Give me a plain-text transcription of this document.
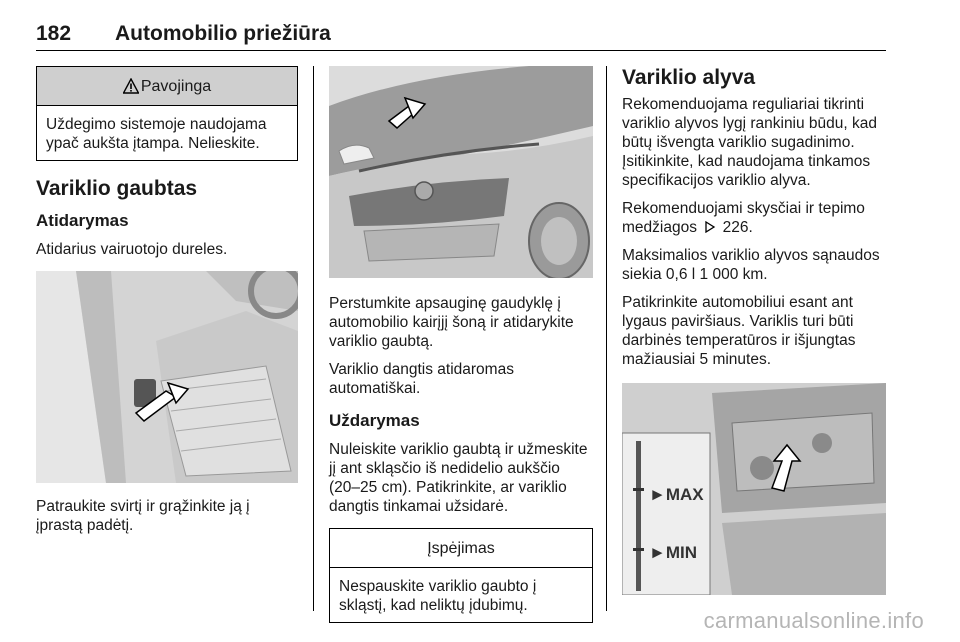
182 Automobilio priežiūra
Pavojinga
Uždegimo sistemoje naudojama ypač aukšta įtampa. Nelieskite.
Variklio gaubtas
Atidarymas

Atidarius vairuotojo dureles.

Patraukite svirtį ir grąžinkite ją į įprastą padėtį.

Perstumkite apsauginę gaudyklę į automobilio kairįjį šoną ir atidarykite variklio gaubtą.

Variklio dangtis atidaromas automatiškai.

Uždarymas

Nuleiskite variklio gaubtą ir užmeskite jį ant skląsčio iš nedidelio aukščio (20–25 cm). Patikrinkite, ar variklio dangtis tinkamai užsidarė.

Įspėjimas
Nespauskite variklio gaubto į skląstį, kad neliktų įdubimų.
Variklio alyva

Rekomenduojama reguliariai tikrinti variklio alyvos lygį rankiniu būdu, kad būtų išvengta variklio sugadinimo. Įsitikinkite, kad naudojama tinkamos specifikacijos variklio alyva.

Rekomenduojami skysčiai ir tepimo medžiagos 226.

Maksimalios variklio alyvos sąnaudos siekia 0,6 l 1 000 km.

Patikrinkite automobiliui esant ant lygaus paviršiaus. Variklis turi būti darbinės temperatūros ir išjungtas mažiausiai 5 minutes.

►MAX
►MIN
carmanualsonline.info
